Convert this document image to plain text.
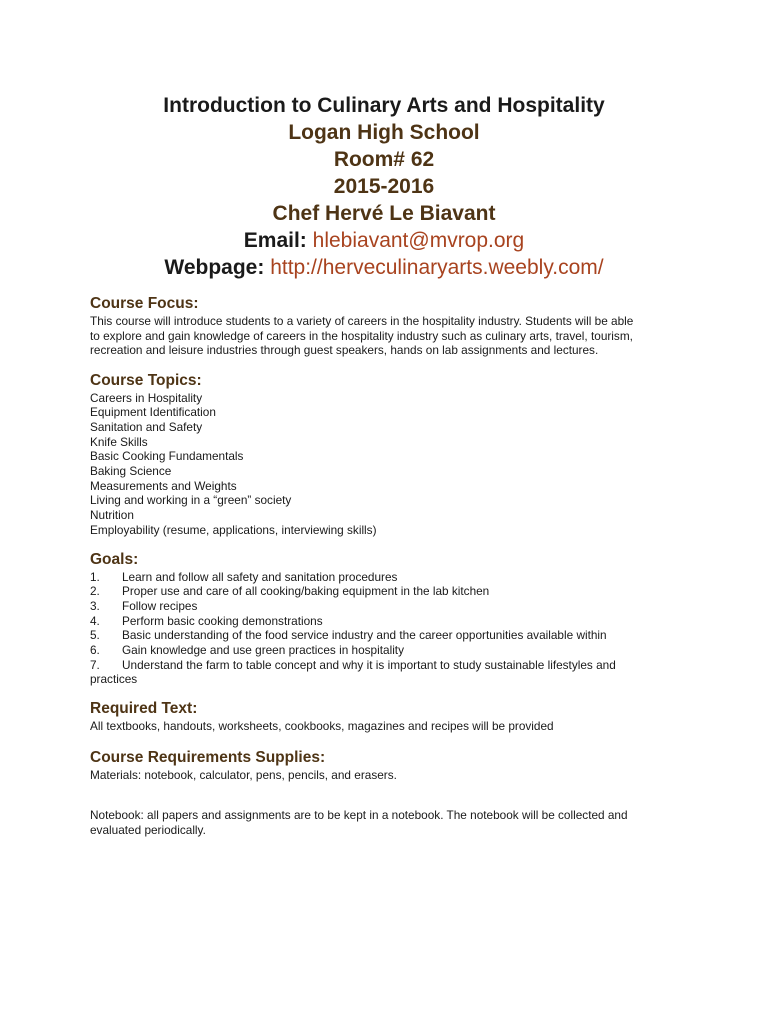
Introduction to Culinary Arts and Hospitality
Logan High School
Room# 62
2015-2016
Chef Hervé Le Biavant
Email: hlebiavant@mvrop.org
Webpage: http://herveculinaryarts.weebly.com/

Course Focus:

This course will introduce students to a variety of careers in the hospitality industry. Students will be able

to explore and gain knowledge of careers in the hospitality industry such as culinary arts, travel, tourism,

recreation and leisure industries through guest speakers, hands on lab assignments and lectures.

Course Topics:

Careers in Hospitality
Equipment Identification
Sanitation and Safety
Knife Skills
Basic Cooking Fundamentals
Baking Science
Measurements and Weights
Living and working in a “green” society
Nutrition
Employability (resume, applications, interviewing skills)

Goals:

1.	Learn and follow all safety and sanitation procedures
2.	Proper use and care of all cooking/baking equipment in the lab kitchen
3.	Follow recipes
4.	Perform basic cooking demonstrations
5.	Basic understanding of the food service industry and the career opportunities available within
6.	Gain knowledge and use green practices in hospitality
7. Understand the farm to table concept and why it is important to study sustainable lifestyles and
practices

Required Text:

All textbooks, handouts, worksheets, cookbooks, magazines and recipes will be provided

Course Requirements Supplies:

Materials: notebook, calculator, pens, pencils, and erasers.

Notebook: all papers and assignments are to be kept in a notebook. The notebook will be collected and

evaluated periodically.
